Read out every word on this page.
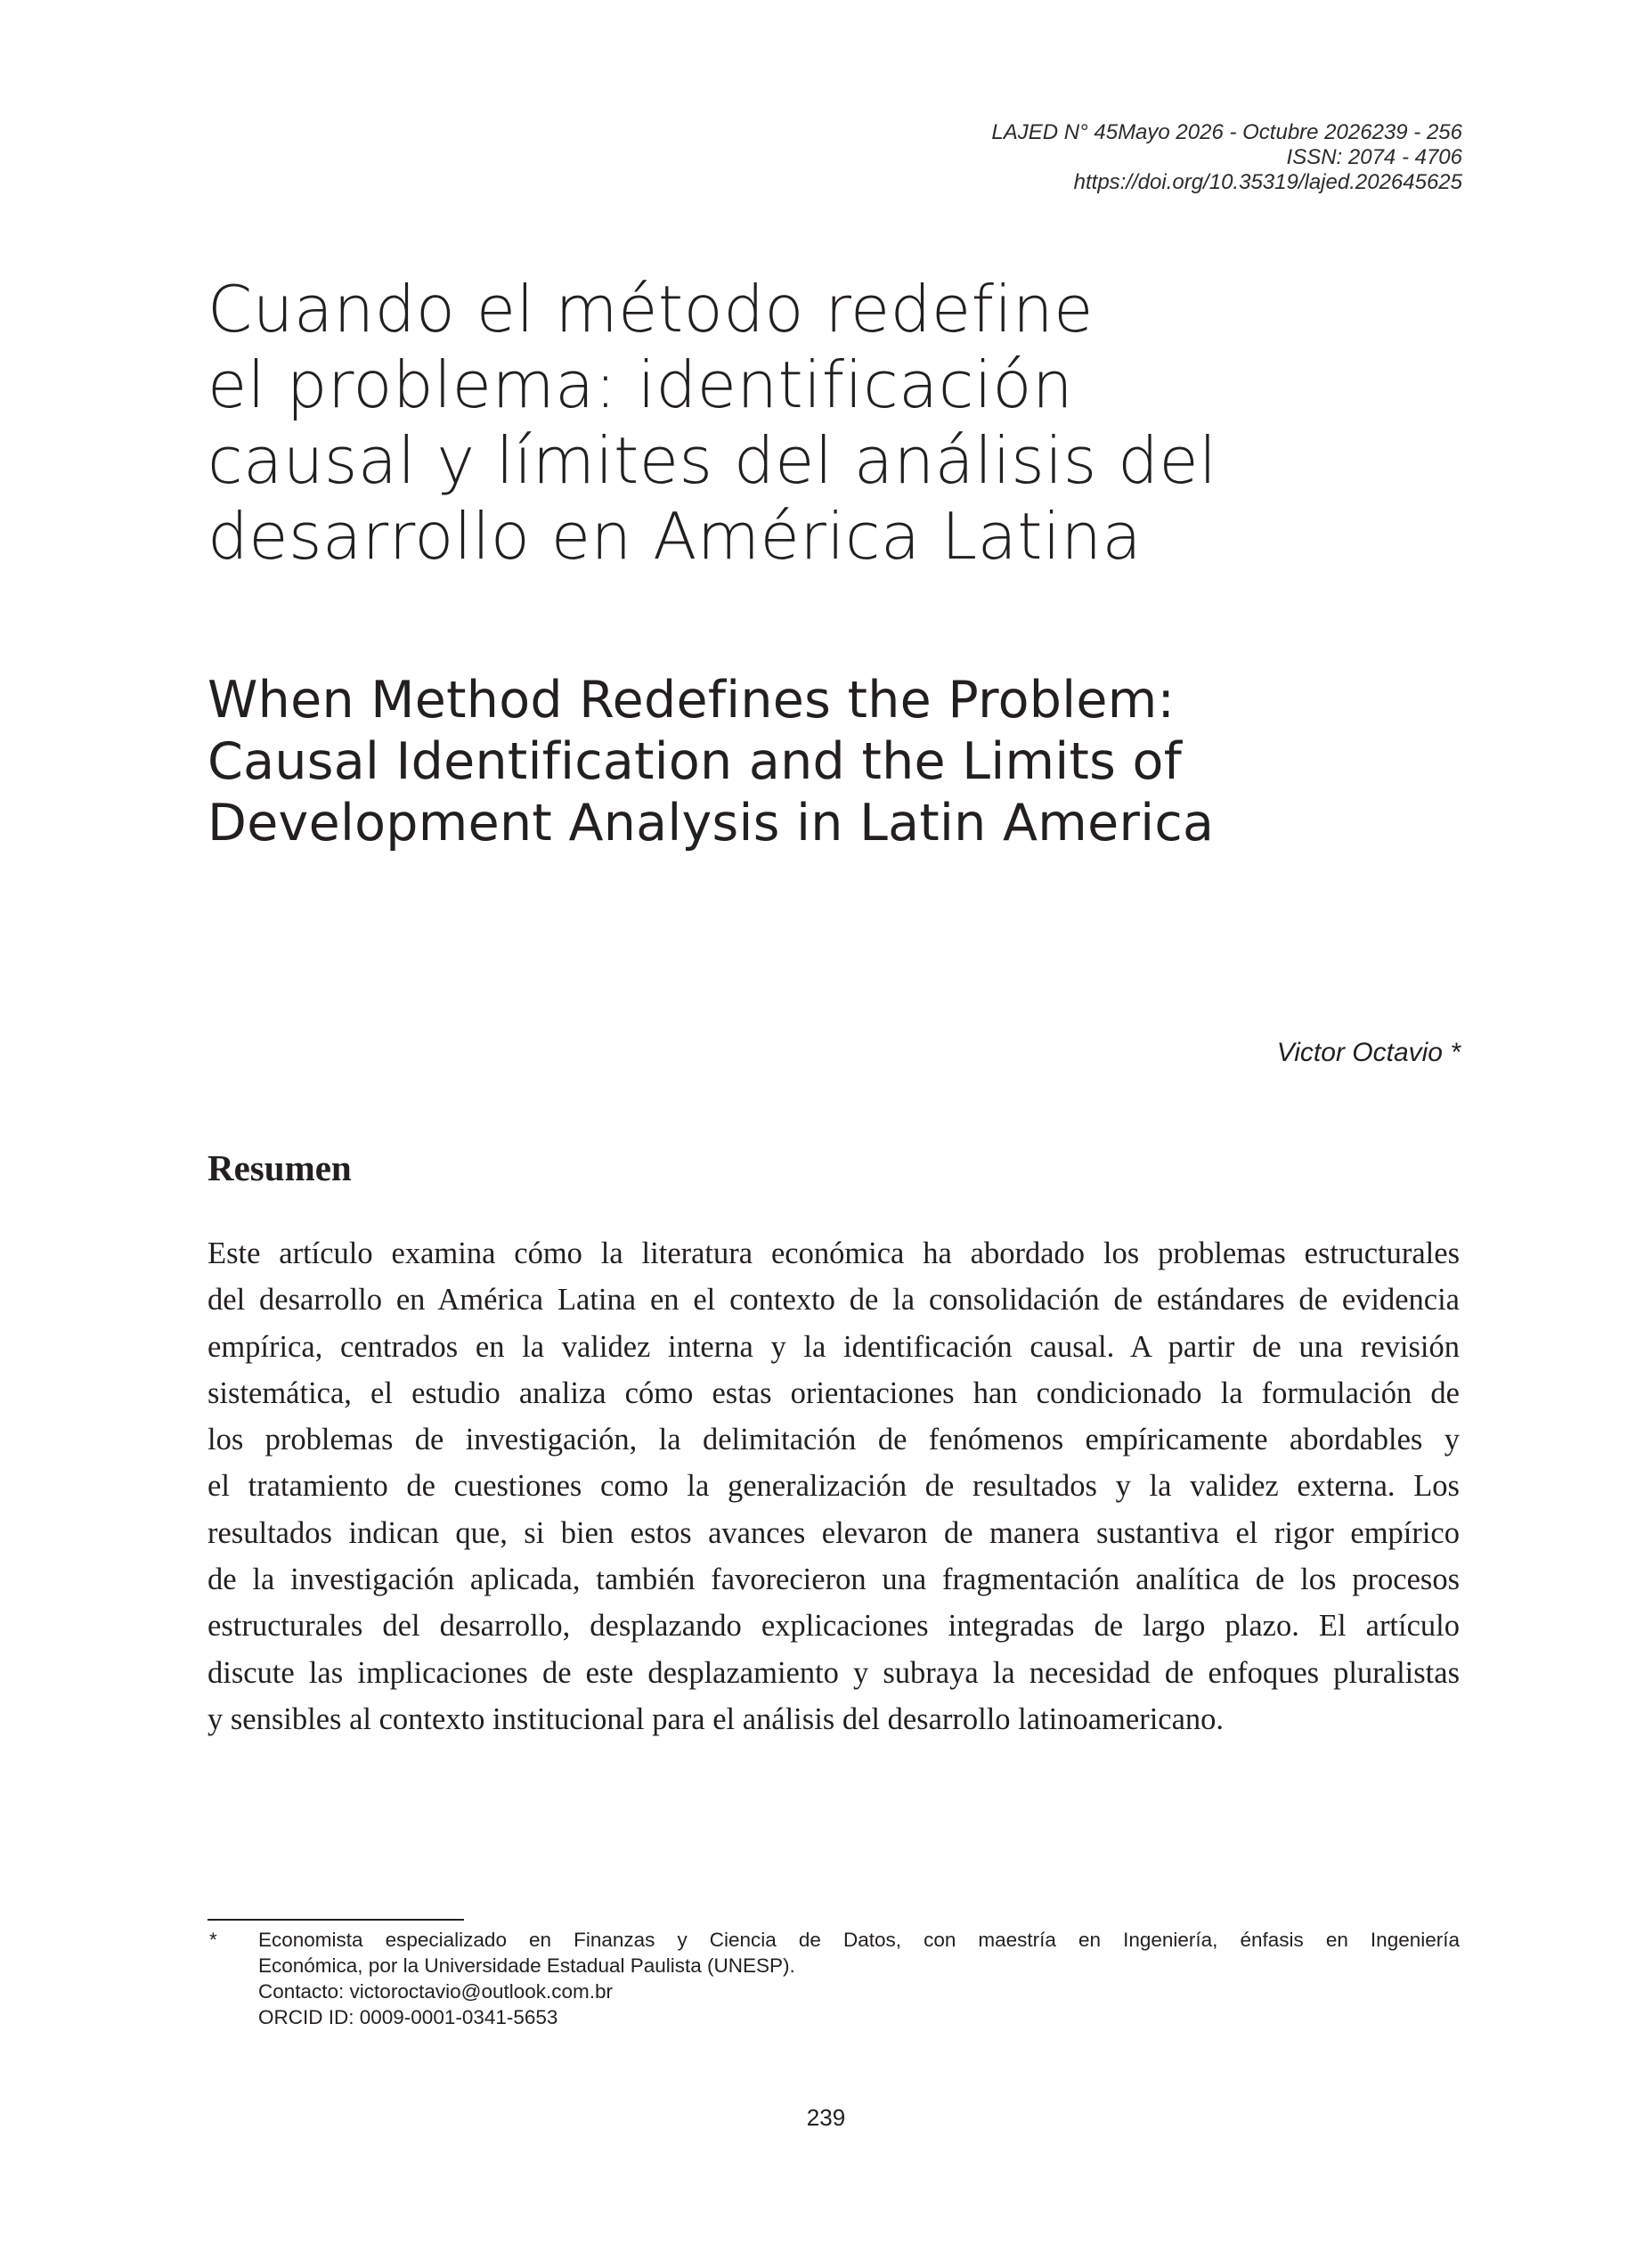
LAJED N° 45Mayo 2026 - Octubre 2026239 - 256
ISSN: 2074 - 4706
https://doi.org/10.35319/lajed.202645625
Cuando el método redefine
el problema: identificación
causal y límites del análisis del
desarrollo en América Latina
When Method Redefines the Problem:
Causal Identification and the Limits of
Development Analysis in Latin America
Victor Octavio *
Resumen
Este artículo examina cómo la literatura económica ha abordado los problemas estructurales
del desarrollo en América Latina en el contexto de la consolidación de estándares de evidencia
empírica, centrados en la validez interna y la identificación causal. A partir de una revisión
sistemática, el estudio analiza cómo estas orientaciones han condicionado la formulación de
los problemas de investigación, la delimitación de fenómenos empíricamente abordables y
el tratamiento de cuestiones como la generalización de resultados y la validez externa. Los
resultados indican que, si bien estos avances elevaron de manera sustantiva el rigor empírico
de la investigación aplicada, también favorecieron una fragmentación analítica de los procesos
estructurales del desarrollo, desplazando explicaciones integradas de largo plazo. El artículo
discute las implicaciones de este desplazamiento y subraya la necesidad de enfoques pluralistas
y sensibles al contexto institucional para el análisis del desarrollo latinoamericano.
* Economista especializado en Finanzas y Ciencia de Datos, con maestría en Ingeniería, énfasis en Ingeniería
Económica, por la Universidade Estadual Paulista (UNESP).
Contacto: victoroctavio@outlook.com.br
ORCID ID: 0009-0001-0341-5653
239
